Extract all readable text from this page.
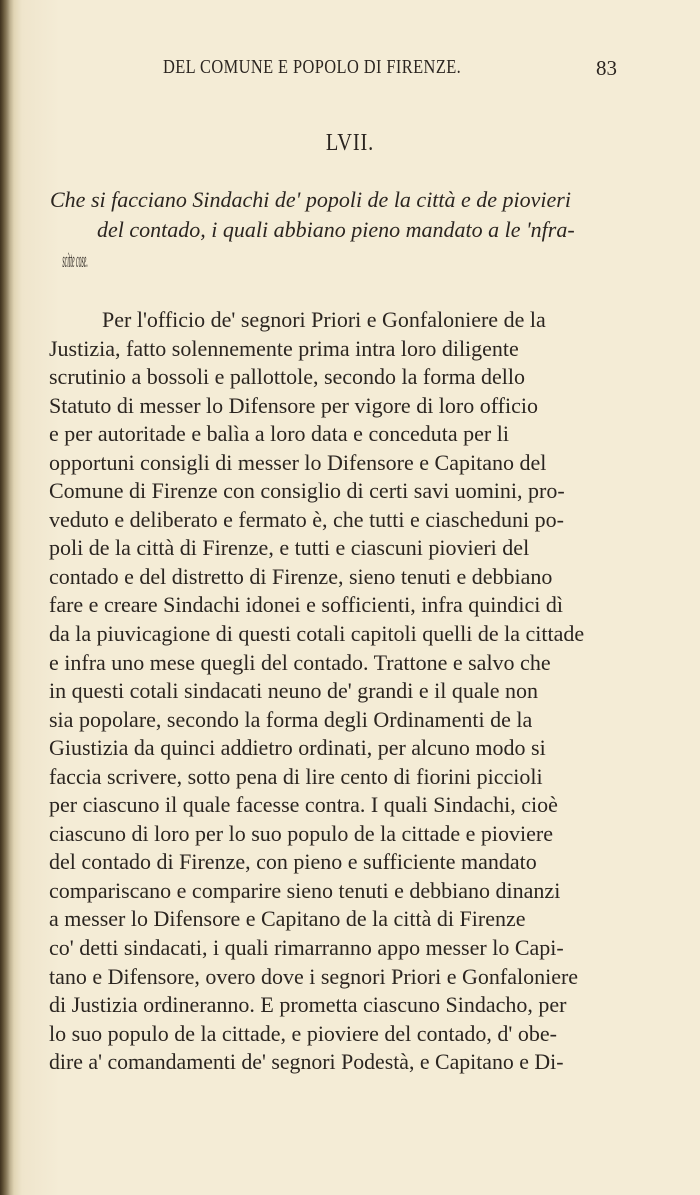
DEL COMUNE E POPOLO DI FIRENZE.	83
LVII.
Che si facciano Sindachi de' popoli de la città e de piovieri
del contado, i quali abbiano pieno mandato a le 'nfra-
scitte cose.
Per l'officio de' segnori Priori e Gonfaloniere de la
Justizia, fatto solennemente prima intra loro diligente
scrutinio a bossoli e pallottole, secondo la forma dello
Statuto di messer lo Difensore per vigore di loro officio
e per autoritade e balìa a loro data e conceduta per li
opportuni consigli di messer lo Difensore e Capitano del
Comune di Firenze con consiglio di certi savi uomini, pro-
veduto e deliberato e fermato è, che tutti e ciascheduni po-
poli de la città di Firenze, e tutti e ciascuni piovieri del
contado e del distretto di Firenze, sieno tenuti e debbiano
fare e creare Sindachi idonei e sofficienti, infra quindici dì
da la piuvicagione di questi cotali capitoli quelli de la cittade
e infra uno mese quegli del contado. Trattone e salvo che
in questi cotali sindacati neuno de' grandi e il quale non
sia popolare, secondo la forma degli Ordinamenti de la
Giustizia da quinci addietro ordinati, per alcuno modo si
faccia scrivere, sotto pena di lire cento di fiorini piccioli
per ciascuno il quale facesse contra. I quali Sindachi, cioè
ciascuno di loro per lo suo populo de la cittade e pioviere
del contado di Firenze, con pieno e sufficiente mandato
compariscano e comparire sieno tenuti e debbiano dinanzi
a messer lo Difensore e Capitano de la città di Firenze
co' detti sindacati, i quali rimarranno appo messer lo Capi-
tano e Difensore, overo dove i segnori Priori e Gonfaloniere
di Justizia ordineranno. E prometta ciascuno Sindacho, per
lo suo populo de la cittade, e pioviere del contado, d' obe-
dire a' comandamenti de' segnori Podestà, e Capitano e Di-
